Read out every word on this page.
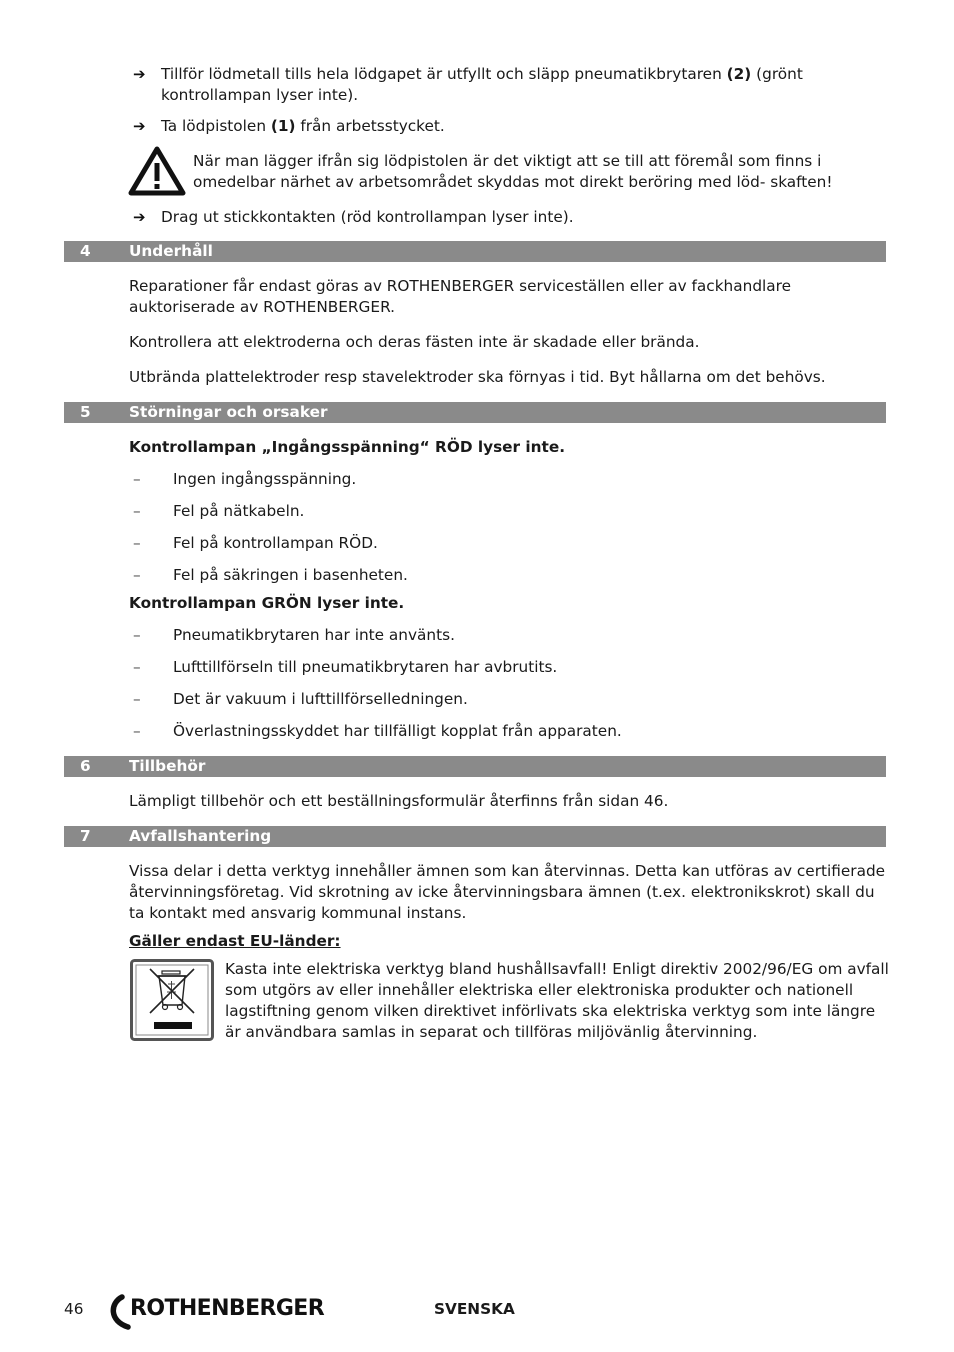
➔ Tillför lödmetall tills hela lödgapet är utfyllt och släpp pneumatikbrytaren (2) (grönt kontrollampan lyser inte).

➔ Ta lödpistolen (1) från arbetsstycket.

När man lägger ifrån sig lödpistolen är det viktigt att se till att föremål som finns i omedelbar närhet av arbetsområdet skyddas mot direkt beröring med löd- skaften!

➔ Drag ut stickkontakten (röd kontrollampan lyser inte).

4	Underhåll

Reparationer får endast göras av ROTHENBERGER serviceställen eller av fackhandlare auktoriserade av ROTHENBERGER.

Kontrollera att elektroderna och deras fästen inte är skadade eller brända.

Utbrända plattelektroder resp stavelektroder ska förnyas i tid. Byt hållarna om det behövs.

5	Störningar och orsaker

Kontrollampan „Ingångsspänning“ RÖD lyser inte.

– Ingen ingångsspänning.
– Fel på nätkabeln.
– Fel på kontrollampan RÖD.
– Fel på säkringen i basenheten.

Kontrollampan GRÖN lyser inte.

– Pneumatikbrytaren har inte använts.
– Lufttillförseln till pneumatikbrytaren har avbrutits.
– Det är vakuum i lufttillförselledningen.
– Överlastningsskyddet har tillfälligt kopplat från apparaten.
6	Tillbehör

Lämpligt tillbehör och ett beställningsformulär återfinns från sidan 46.

7	Avfallshantering

Vissa delar i detta verktyg innehåller ämnen som kan återvinnas. Detta kan utföras av certifierade återvinningsföretag. Vid skrotning av icke återvinningsbara ämnen (t.ex. elektronikskrot) skall du ta kontakt med ansvarig kommunal instans.

Gäller endast EU-länder:

Kasta inte elektriska verktyg bland hushållsavfall! Enligt direktiv 2002/96/EG om avfall som utgörs av eller innehåller elektriska eller elektroniska produkter och nationell lagstiftning genom vilken direktivet införlivats ska elektriska verktyg som inte längre är användbara samlas in separat och tillföras miljövänlig återvinning.

46 ROTHENBERGER	SVENSKA
